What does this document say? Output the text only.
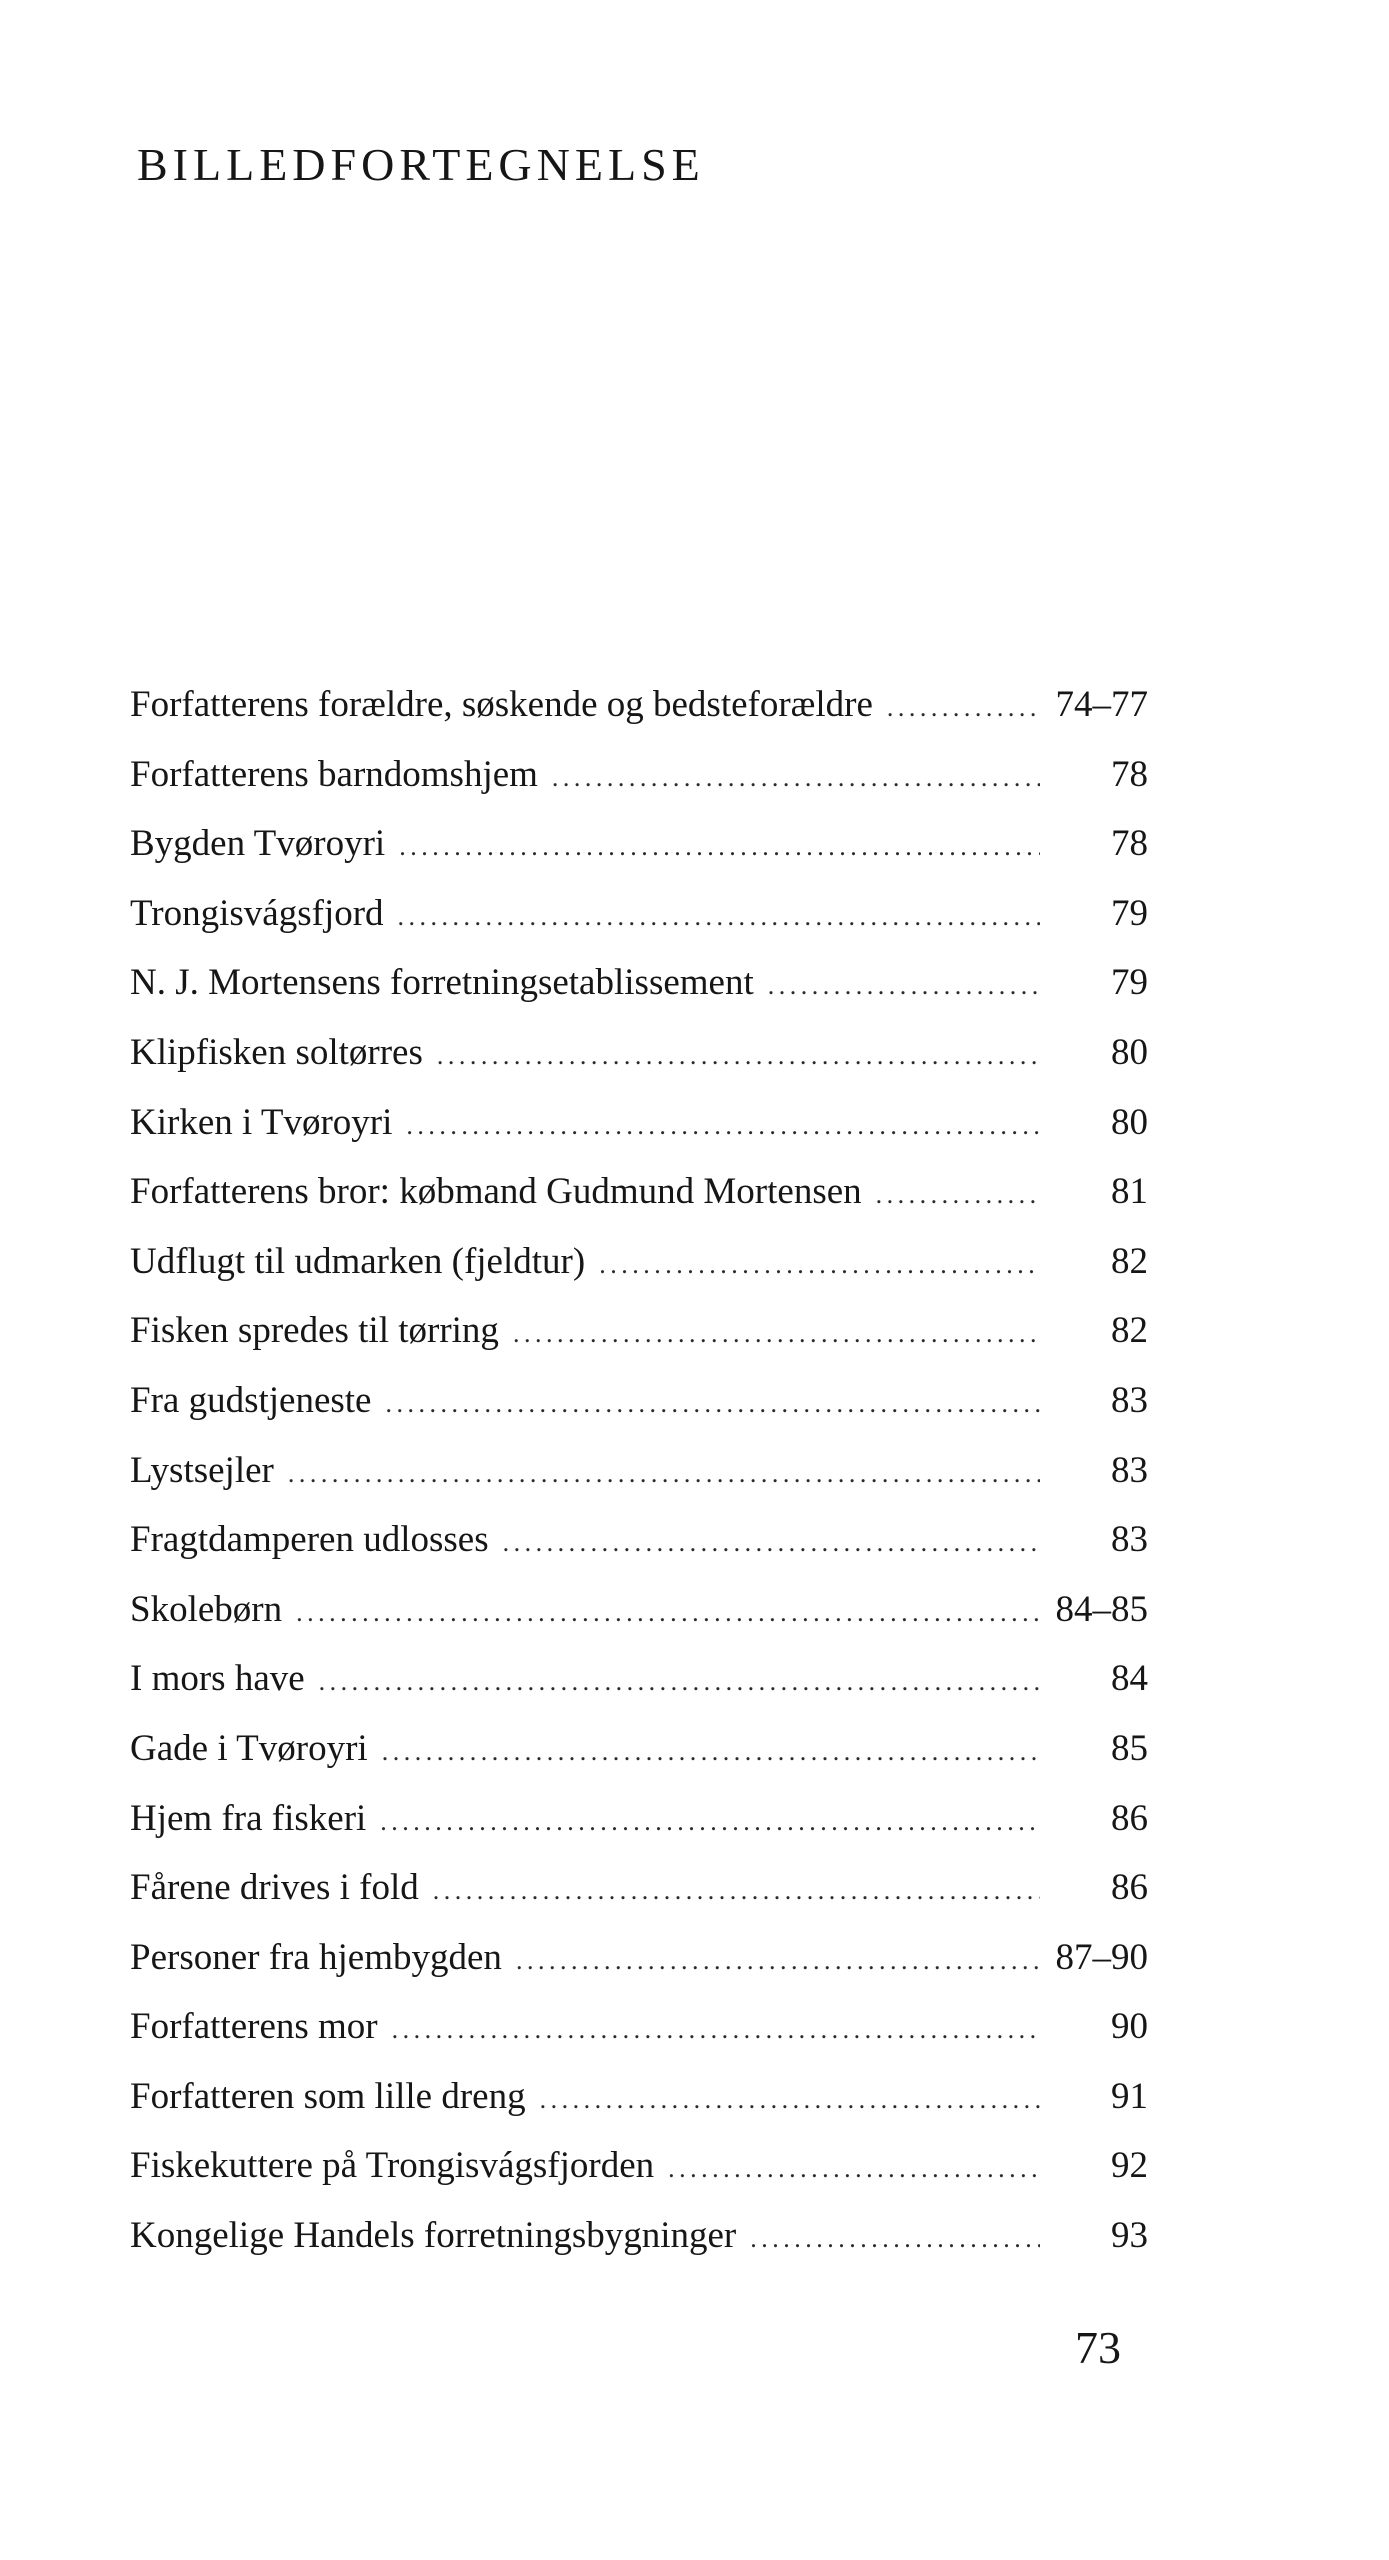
BILLEDFORTEGNELSE
Forfatterens forældre, søskende og bedsteforældre . . .	74–77
Forfatterens barndomshjem . . .	78
Bygden Tvøroyri . . .	78
Trongisvágsfjord . . .	79
N. J. Mortensens forretningsetablissement . . .	79
Klipfisken soltørres . . .	80
Kirken i Tvøroyri . . .	80
Forfatterens bror: købmand Gudmund Mortensen . . .	81
Udflugt til udmarken (fjeldtur) . . .	82
Fisken spredes til tørring . . .	82
Fra gudstjeneste . . .	83
Lystsejler . . .	83
Fragtdamperen udlosses . . .	83
Skolebørn . . .	84–85
I mors have . . .	84
Gade i Tvøroyri . . .	85
Hjem fra fiskeri . . .	86
Fårene drives i fold . . .	86
Personer fra hjembygden . . .	87–90
Forfatterens mor . . .	90
Forfatteren som lille dreng . . .	91
Fiskekuttere på Trongisvágsfjorden . . .	92
Kongelige Handels forretningsbygninger . . .	93
73
